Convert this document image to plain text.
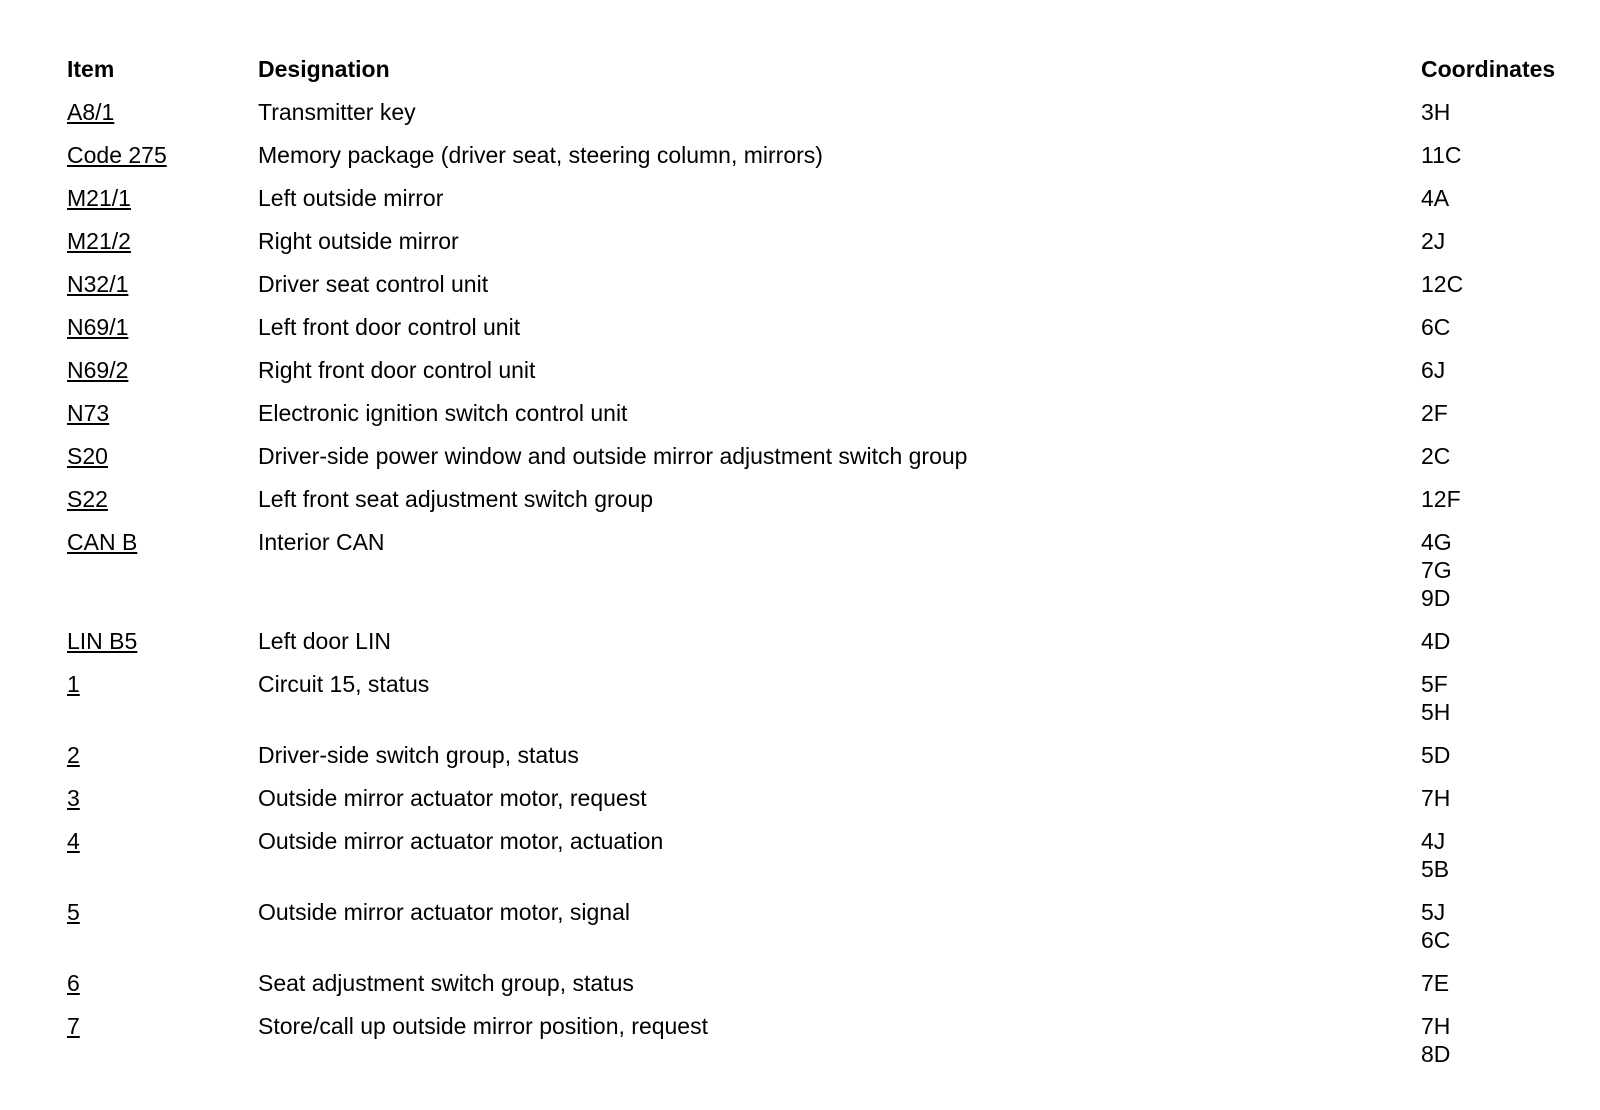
Item	Designation	Coordinates
A8/1	Transmitter key	3H
Code 275	Memory package (driver seat, steering column, mirrors)	11C
M21/1	Left outside mirror	4A
M21/2	Right outside mirror	2J
N32/1	Driver seat control unit	12C
N69/1	Left front door control unit	6C
N69/2	Right front door control unit	6J
N73	Electronic ignition switch control unit	2F
S20	Driver-side power window and outside mirror adjustment switch group	2C
S22	Left front seat adjustment switch group	12F
CAN B	Interior CAN	4G
7G
9D
LIN B5	Left door LIN	4D
1	Circuit 15, status	5F
5H
2	Driver-side switch group, status	5D
3	Outside mirror actuator motor, request	7H
4	Outside mirror actuator motor, actuation	4J
5B
5	Outside mirror actuator motor, signal	5J
6C
6	Seat adjustment switch group, status	7E
7	Store/call up outside mirror position, request	7H
8D
